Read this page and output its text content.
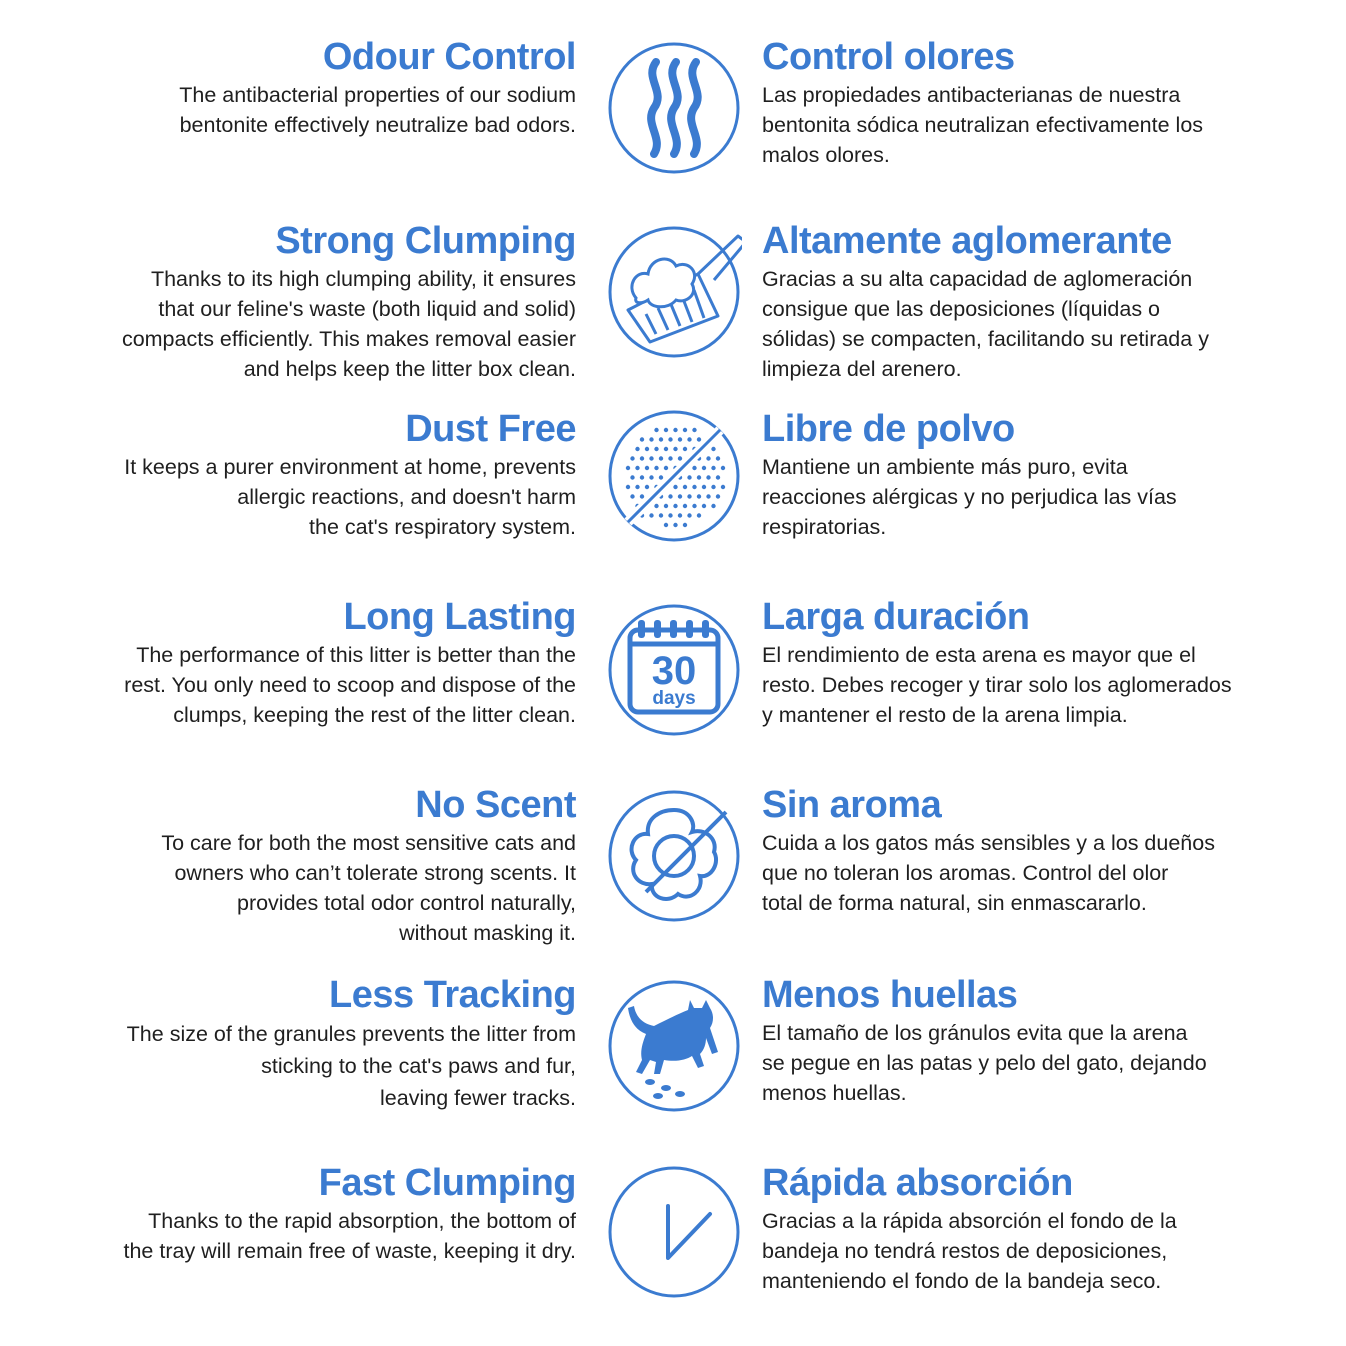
Odour Control

The antibacterial properties of our sodium
bentonite effectively neutralize bad odors.

Control olores

Las propiedades antibacterianas de nuestra
bentonita sódica neutralizan efectivamente los
malos olores.

Strong Clumping

Thanks to its high clumping ability, it ensures
that our feline's waste (both liquid and solid)
compacts efficiently. This makes removal easier
and helps keep the litter box clean.

Altamente aglomerante

Gracias a su alta capacidad de aglomeración
consigue que las deposiciones (líquidas o
sólidas) se compacten, facilitando su retirada y
limpieza del arenero.

Dust Free

It keeps a purer environment at home, prevents
allergic reactions, and doesn't harm
the cat's respiratory system.

Libre de polvo

Mantiene un ambiente más puro, evita
reacciones alérgicas y no perjudica las vías
respiratorias.

Long Lasting

The performance of this litter is better than the
rest. You only need to scoop and dispose of the
clumps, keeping the rest of the litter clean.

30
days
Larga duración

El rendimiento de esta arena es mayor que el
resto. Debes recoger y tirar solo los aglomerados
y mantener el resto de la arena limpia.

No Scent

To care for both the most sensitive cats and
owners who can’t tolerate strong scents. It
provides total odor control naturally,
without masking it.

Sin aroma

Cuida a los gatos más sensibles y a los dueños
que no toleran los aromas. Control del olor
total de forma natural, sin enmascararlo.

Less Tracking

The size of the granules prevents the litter from
sticking to the cat's paws and fur,
leaving fewer tracks.

Menos huellas

El tamaño de los gránulos evita que la arena
se pegue en las patas y pelo del gato, dejando
menos huellas.

Fast Clumping

Thanks to the rapid absorption, the bottom of
the tray will remain free of waste, keeping it dry.

Rápida absorción

Gracias a la rápida absorción el fondo de la
bandeja no tendrá restos de deposiciones,
manteniendo el fondo de la bandeja seco.
